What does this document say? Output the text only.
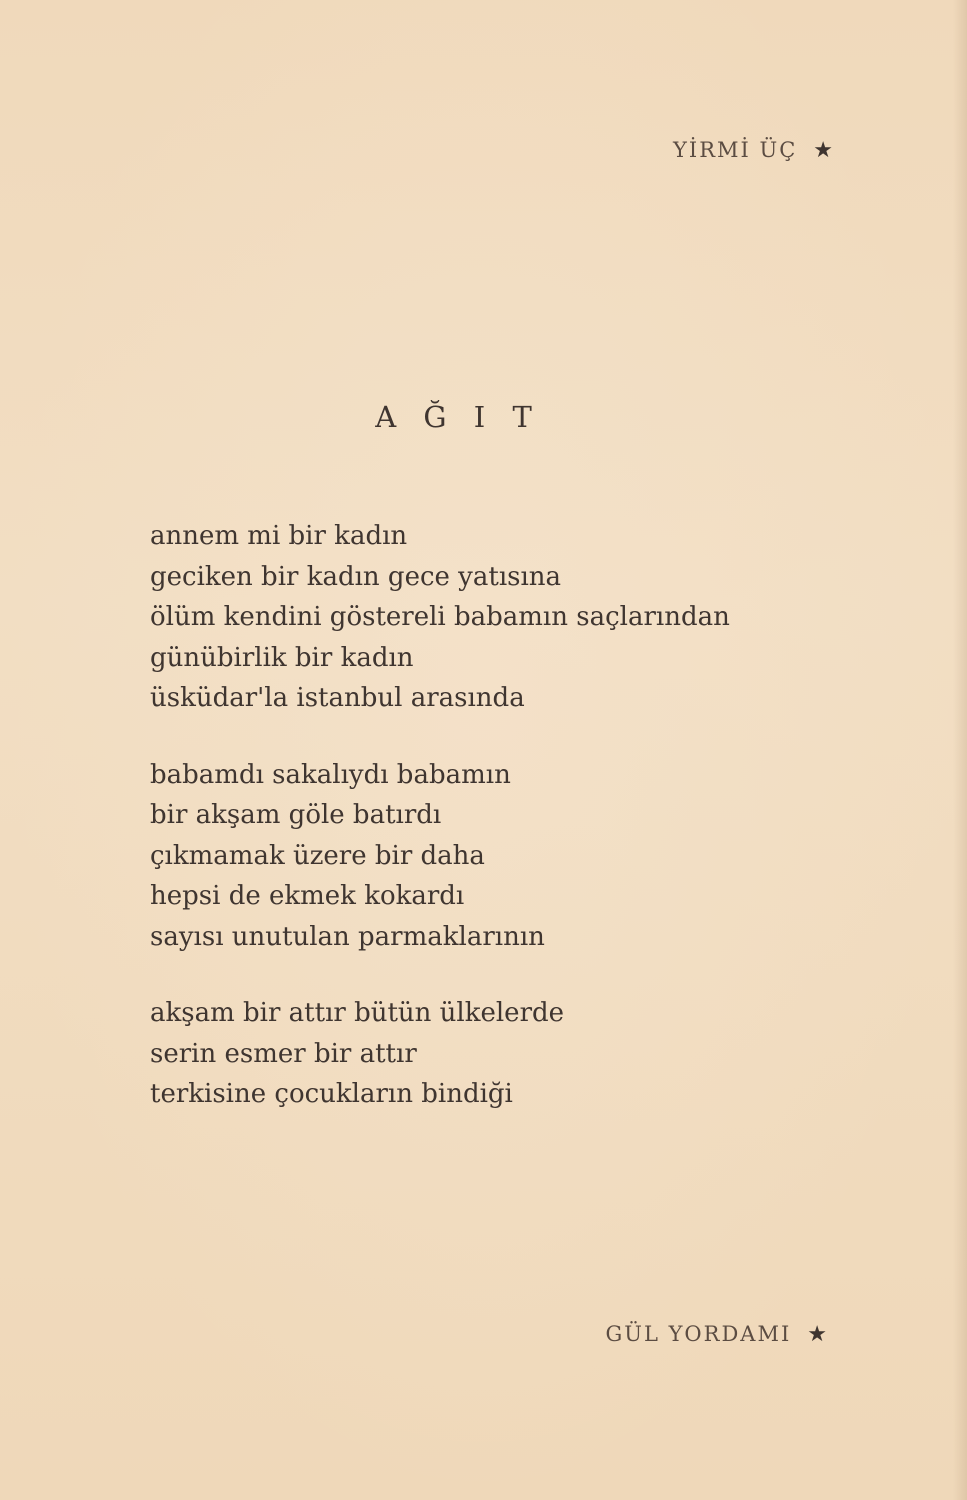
YİRMİ ÜÇ ★
A Ğ I T
annem mi bir kadın
geciken bir kadın gece yatısına
ölüm kendini göstereli babamın saçlarından
günübirlik bir kadın
üsküdar'la istanbul arasında
babamdı sakalıydı babamın
bir akşam göle batırdı
çıkmamak üzere bir daha
hepsi de ekmek kokardı
sayısı unutulan parmaklarının
akşam bir attır bütün ülkelerde
serin esmer bir attır
terkisine çocukların bindiği
GÜL YORDAMI ★
